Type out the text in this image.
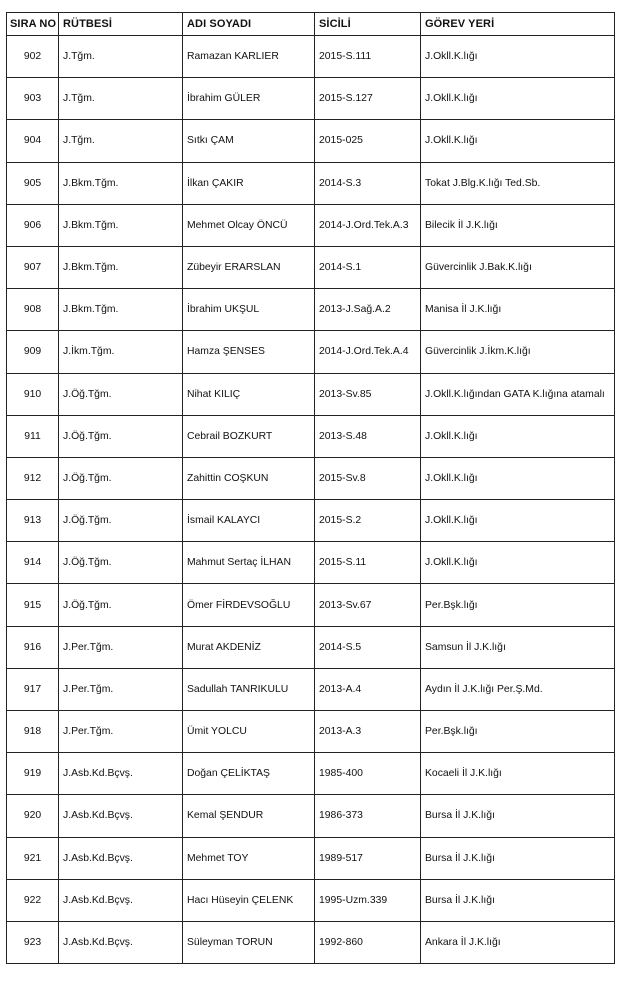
SIRA NO	RÜTBESİ	ADI SOYADI	SİCİLİ	GÖREV YERİ
902	J.Tğm.	Ramazan KARLIER	2015-S.111	J.Okll.K.lığı
903	J.Tğm.	İbrahim GÜLER	2015-S.127	J.Okll.K.lığı
904	J.Tğm.	Sıtkı ÇAM	2015-025	J.Okll.K.lığı
905	J.Bkm.Tğm.	İlkan ÇAKIR	2014-S.3	Tokat J.Blg.K.lığı Ted.Sb.
906	J.Bkm.Tğm.	Mehmet Olcay ÖNCÜ	2014-J.Ord.Tek.A.3	Bilecik İl J.K.lığı
907	J.Bkm.Tğm.	Zübeyir ERARSLAN	2014-S.1	Güvercinlik J.Bak.K.lığı
908	J.Bkm.Tğm.	İbrahim UKŞUL	2013-J.Sağ.A.2	Manisa İl J.K.lığı
909	J.İkm.Tğm.	Hamza ŞENSES	2014-J.Ord.Tek.A.4	Güvercinlik J.İkm.K.lığı
910	J.Öğ.Tğm.	Nihat KILIÇ	2013-Sv.85	J.Okll.K.lığından GATA K.lığına atamalı
911	J.Öğ.Tğm.	Cebrail BOZKURT	2013-S.48	J.Okll.K.lığı
912	J.Öğ.Tğm.	Zahittin COŞKUN	2015-Sv.8	J.Okll.K.lığı
913	J.Öğ.Tğm.	İsmail KALAYCI	2015-S.2	J.Okll.K.lığı
914	J.Öğ.Tğm.	Mahmut Sertaç İLHAN	2015-S.11	J.Okll.K.lığı
915	J.Öğ.Tğm.	Ömer FİRDEVSOĞLU	2013-Sv.67	Per.Bşk.lığı
916	J.Per.Tğm.	Murat AKDENİZ	2014-S.5	Samsun İl J.K.lığı
917	J.Per.Tğm.	Sadullah TANRIKULU	2013-A.4	Aydın İl J.K.lığı Per.Ş.Md.
918	J.Per.Tğm.	Ümit YOLCU	2013-A.3	Per.Bşk.lığı
919	J.Asb.Kd.Bçvş.	Doğan ÇELİKTAŞ	1985-400	Kocaeli İl J.K.lığı
920	J.Asb.Kd.Bçvş.	Kemal ŞENDUR	1986-373	Bursa İl J.K.lığı
921	J.Asb.Kd.Bçvş.	Mehmet TOY	1989-517	Bursa İl J.K.lığı
922	J.Asb.Kd.Bçvş.	Hacı Hüseyin ÇELENK	1995-Uzm.339	Bursa İl J.K.lığı
923	J.Asb.Kd.Bçvş.	Süleyman TORUN	1992-860	Ankara İl J.K.lığı
